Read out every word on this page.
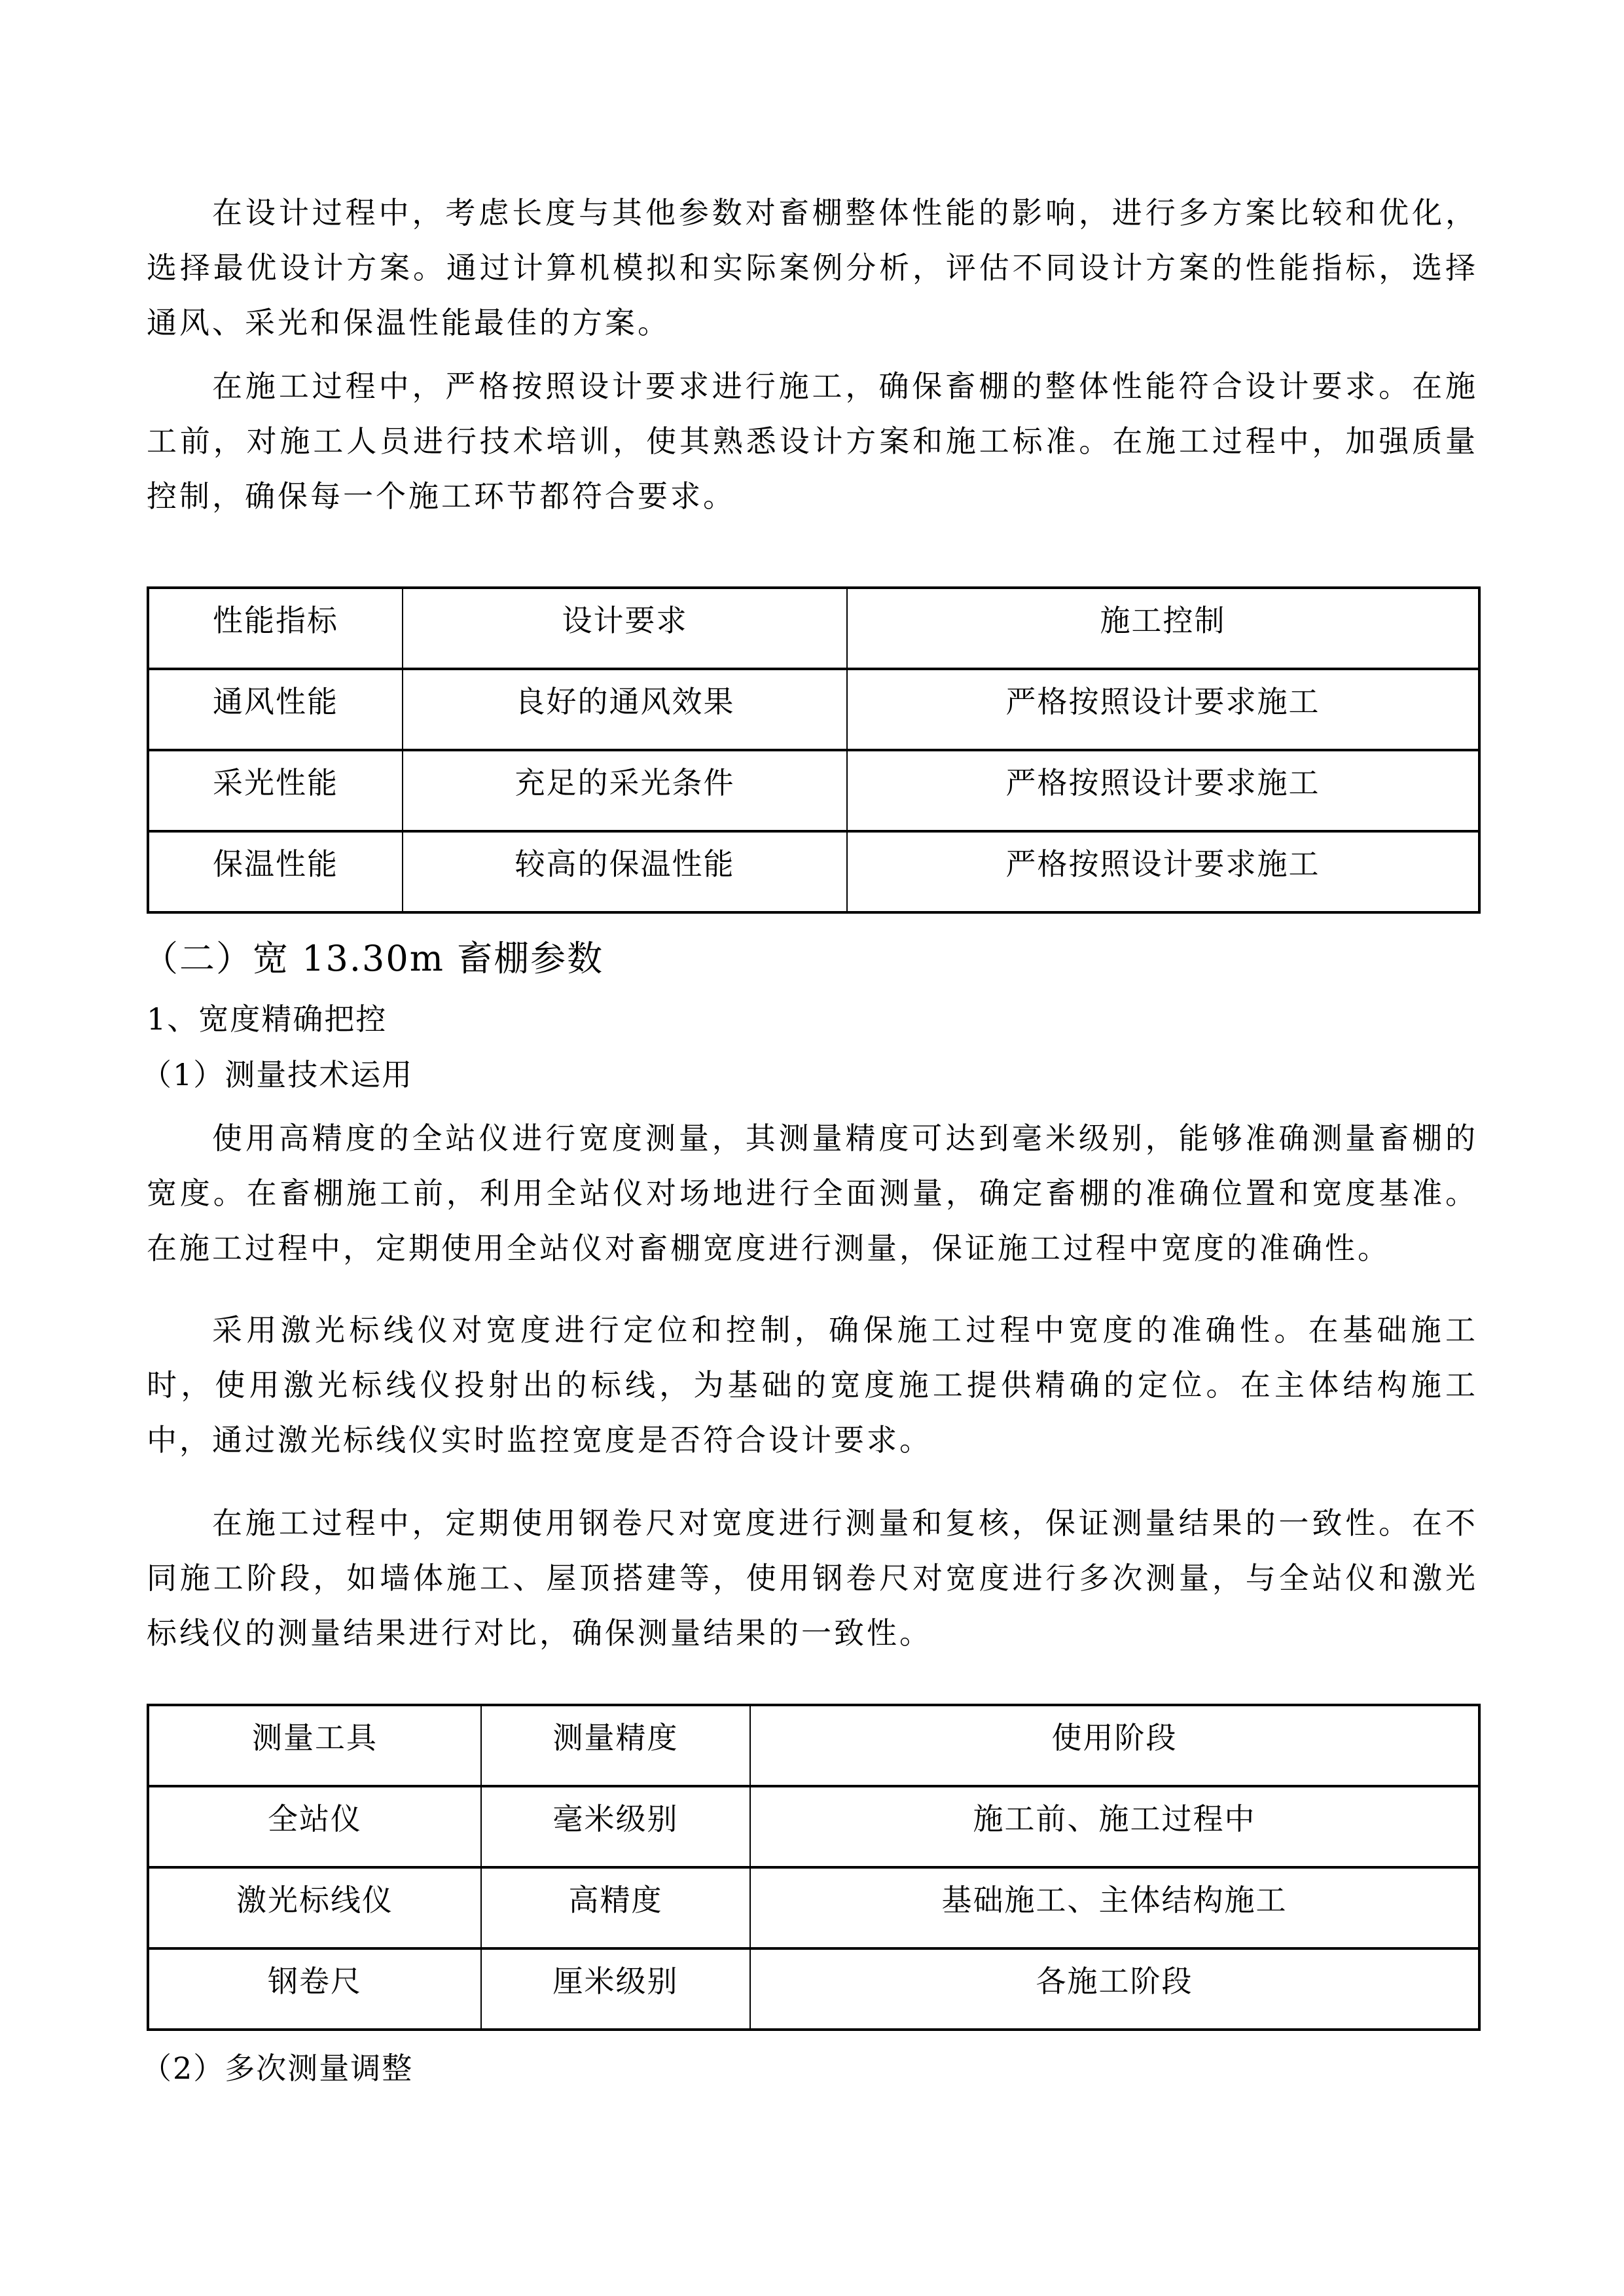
在设计过程中，考虑长度与其他参数对畜棚整体性能的影响，进行多方案比较和优化，选择最优设计方案。通过计算机模拟和实际案例分析，评估不同设计方案的性能指标，选择通风、采光和保温性能最佳的方案。

在施工过程中，严格按照设计要求进行施工，确保畜棚的整体性能符合设计要求。在施工前，对施工人员进行技术培训，使其熟悉设计方案和施工标准。在施工过程中，加强质量控制，确保每一个施工环节都符合要求。

性能指标	设计要求	施工控制
通风性能	良好的通风效果	严格按照设计要求施工
采光性能	充足的采光条件	严格按照设计要求施工
保温性能	较高的保温性能	严格按照设计要求施工
（二）宽 13.30m 畜棚参数
1、宽度精确把控
（1）测量技术运用

使用高精度的全站仪进行宽度测量，其测量精度可达到毫米级别，能够准确测量畜棚的宽度。在畜棚施工前，利用全站仪对场地进行全面测量，确定畜棚的准确位置和宽度基准。在施工过程中，定期使用全站仪对畜棚宽度进行测量，保证施工过程中宽度的准确性。

采用激光标线仪对宽度进行定位和控制，确保施工过程中宽度的准确性。在基础施工时，使用激光标线仪投射出的标线，为基础的宽度施工提供精确的定位。在主体结构施工中，通过激光标线仪实时监控宽度是否符合设计要求。

在施工过程中，定期使用钢卷尺对宽度进行测量和复核，保证测量结果的一致性。在不同施工阶段，如墙体施工、屋顶搭建等，使用钢卷尺对宽度进行多次测量，与全站仪和激光标线仪的测量结果进行对比，确保测量结果的一致性。

测量工具	测量精度	使用阶段
全站仪	毫米级别	施工前、施工过程中
激光标线仪	高精度	基础施工、主体结构施工
钢卷尺	厘米级别	各施工阶段
（2）多次测量调整
